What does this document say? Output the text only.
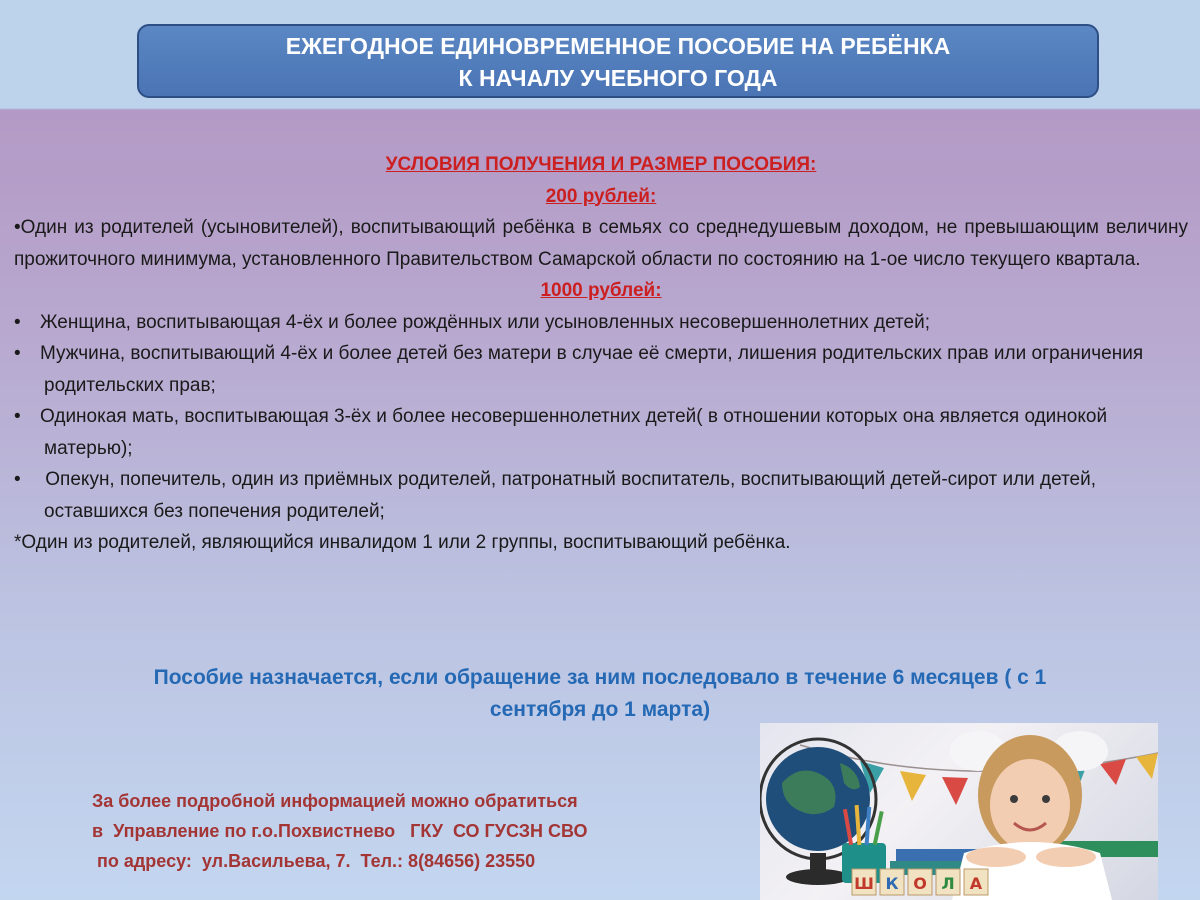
ЕЖЕГОДНОЕ ЕДИНОВРЕМЕННОЕ ПОСОБИЕ НА РЕБЁНКА
К НАЧАЛУ УЧЕБНОГО ГОДА
УСЛОВИЯ ПОЛУЧЕНИЯ И РАЗМЕР ПОСОБИЯ:
200 рублей:
•Один из родителей (усыновителей), воспитывающий ребёнка в семьях со среднедушевым доходом, не превышающим величину прожиточного минимума, установленного Правительством Самарской области по состоянию на 1-ое число текущего квартала.
1000 рублей:
• Женщина, воспитывающая 4-ёх и более рождённых или усыновленных несовершеннолетних детей;
• Мужчина, воспитывающий 4-ёх и более детей без матери в случае её смерти, лишения родительских прав или ограничения родительских прав;
• Одинокая мать, воспитывающая 3-ёх и более несовершеннолетних детей( в отношении которых она является одинокой матерью);
• Опекун, попечитель, один из приёмных родителей, патронатный воспитатель, воспитывающий детей-сирот или детей, оставшихся без попечения родителей;
*Один из родителей, являющийся инвалидом 1 или 2 группы, воспитывающий ребёнка.
Пособие назначается, если обращение за ним последовало в течение 6 месяцев ( с 1
сентября до 1 марта)
За более подробной информацией можно обратиться
в  Управление по г.о.Похвистнево   ГКУ  СО ГУСЗН СВО
по адресу:  ул.Васильева, 7.  Тел.: 8(84656) 23550
Ш К О Л А
